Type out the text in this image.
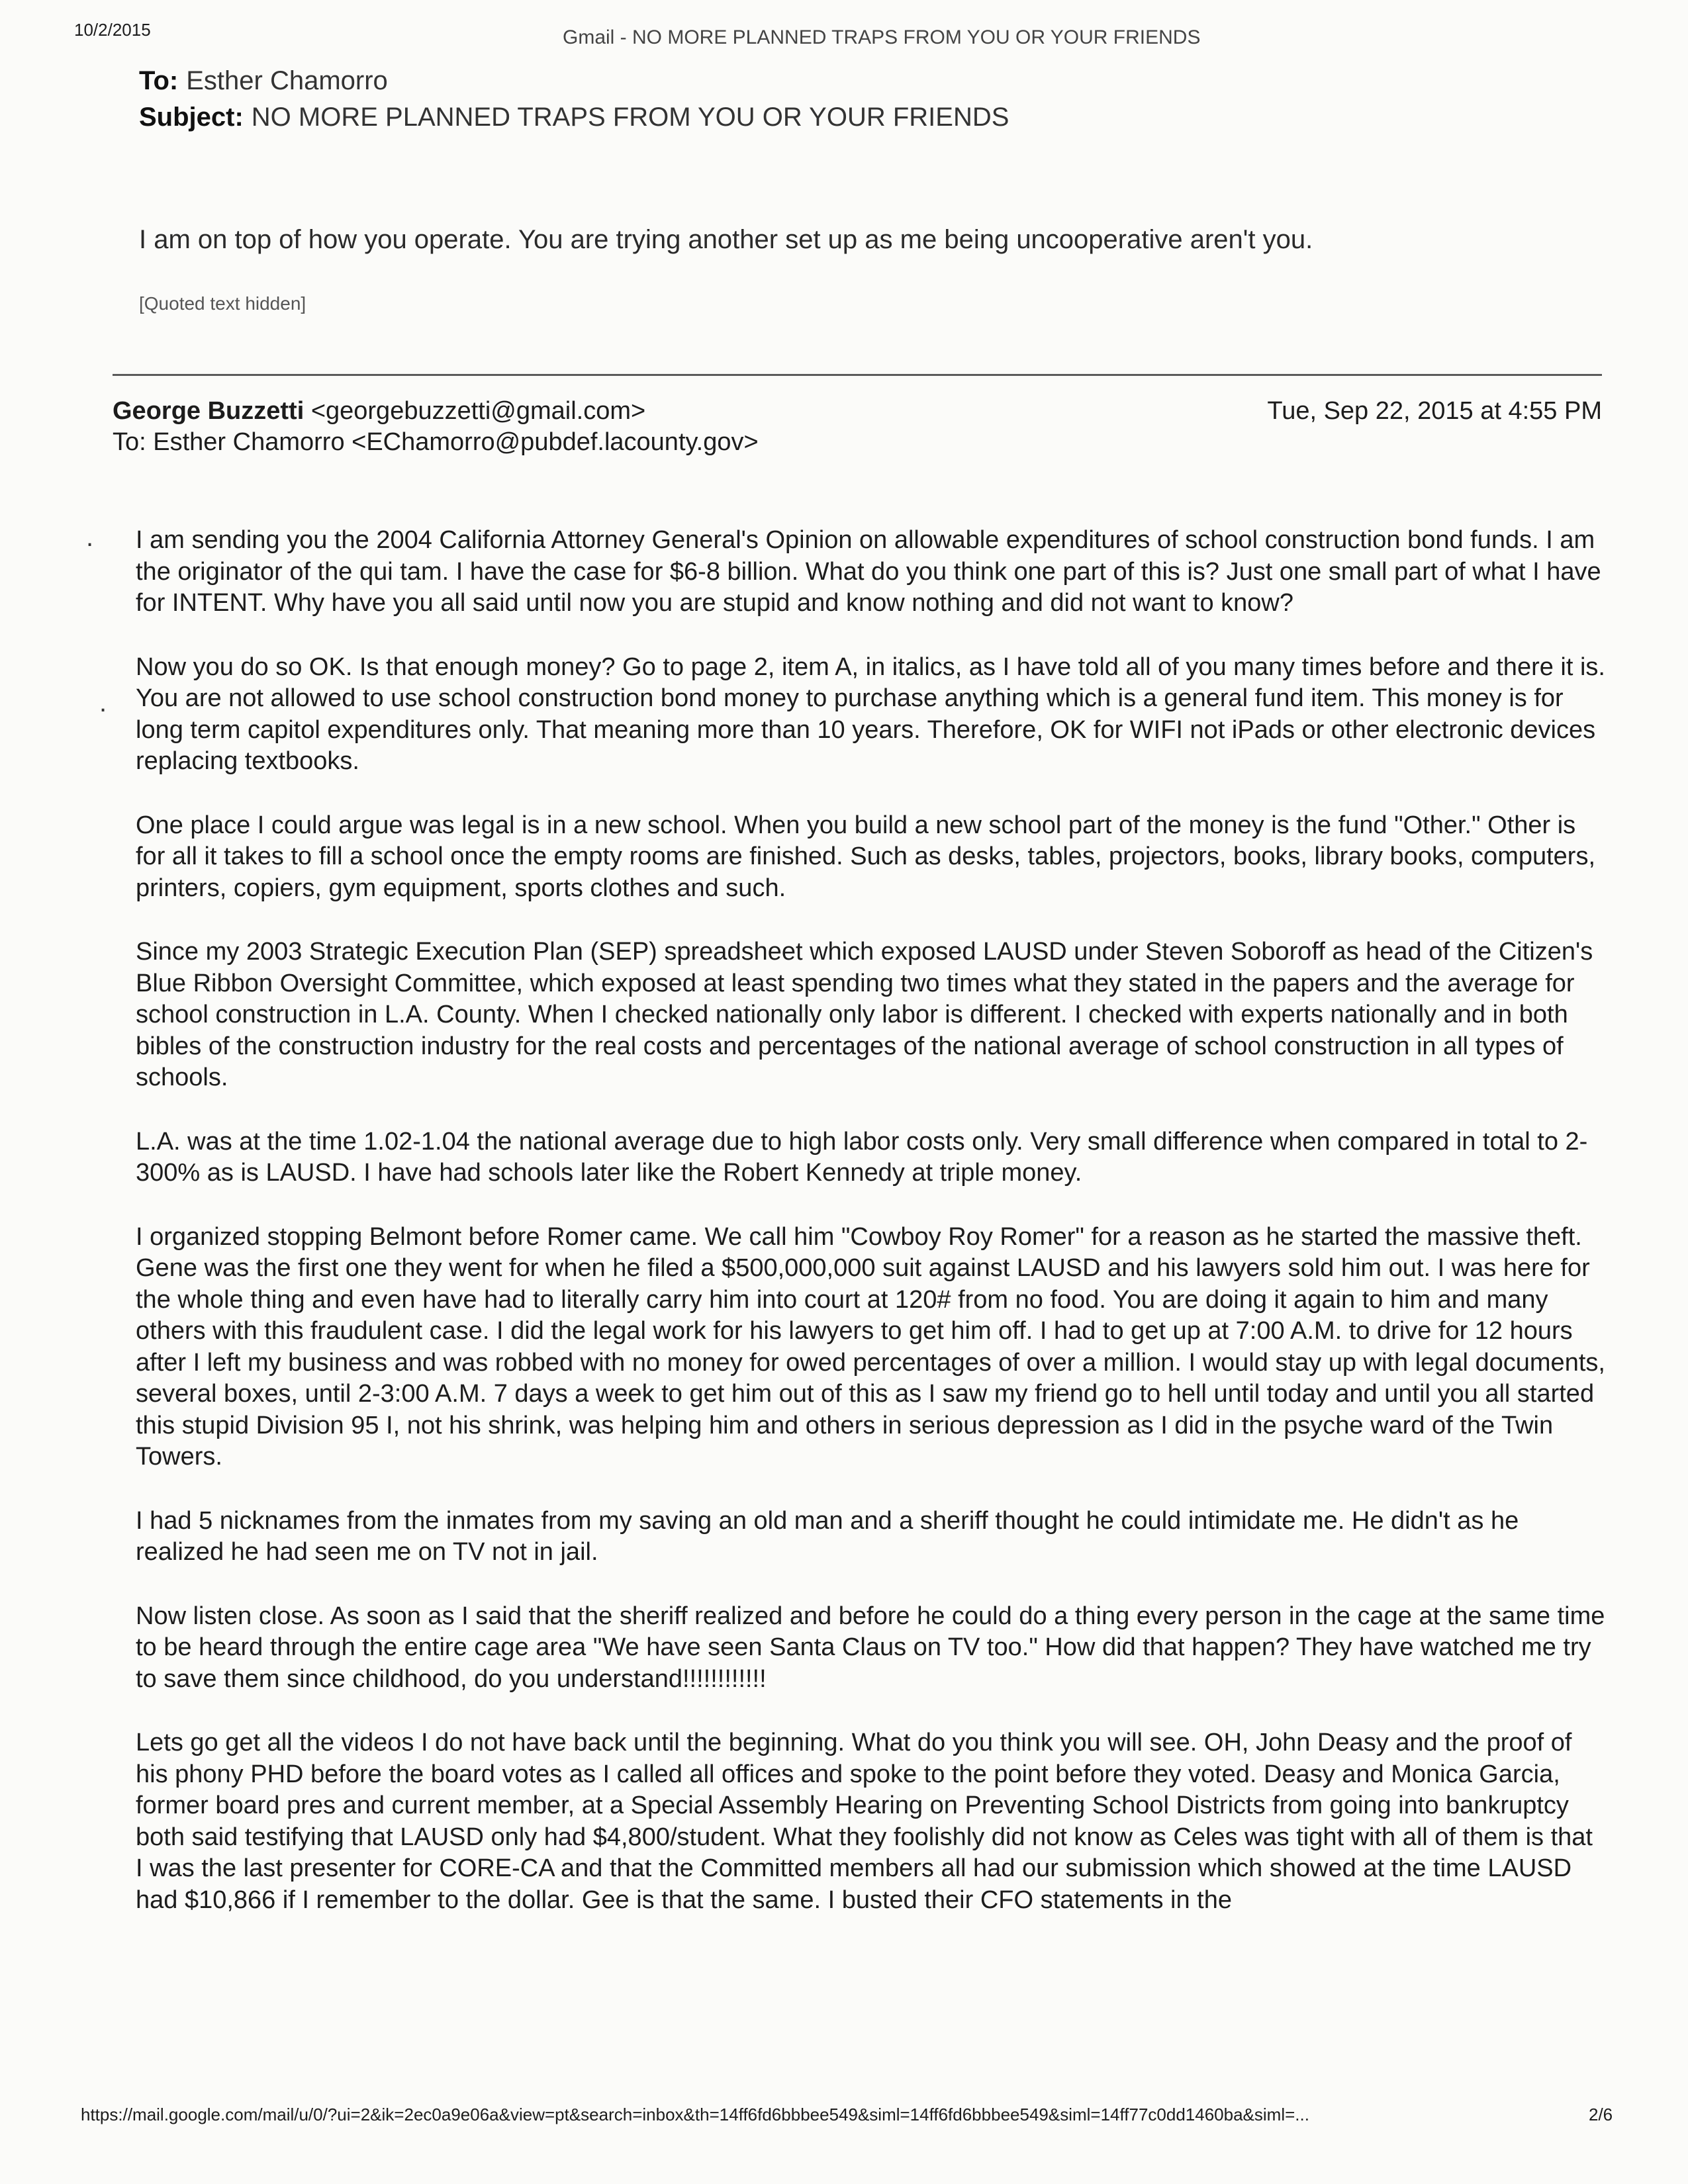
10/2/2015	Gmail - NO MORE PLANNED TRAPS FROM YOU OR YOUR FRIENDS
To: Esther Chamorro
Subject: NO MORE PLANNED TRAPS FROM YOU OR YOUR FRIENDS
I am on top of how you operate. You are trying another set up as me being uncooperative aren't you.
[Quoted text hidden]
George Buzzetti <georgebuzzetti@gmail.com>	Tue, Sep 22, 2015 at 4:55 PM
To: Esther Chamorro <EChamorro@pubdef.lacounty.gov>
.
.

I am sending you the 2004 California Attorney General's Opinion on allowable expenditures of school construction bond funds. I am the originator of the qui tam. I have the case for $6-8 billion. What do you think one part of this is? Just one small part of what I have for INTENT. Why have you all said until now you are stupid and know nothing and did not want to know?

Now you do so OK. Is that enough money? Go to page 2, item A, in italics, as I have told all of you many times before and there it is. You are not allowed to use school construction bond money to purchase anything which is a general fund item. This money is for long term capitol expenditures only. That meaning more than 10 years. Therefore, OK for WIFI not iPads or other electronic devices replacing textbooks.

One place I could argue was legal is in a new school. When you build a new school part of the money is the fund "Other." Other is for all it takes to fill a school once the empty rooms are finished. Such as desks, tables, projectors, books, library books, computers, printers, copiers, gym equipment, sports clothes and such.

Since my 2003 Strategic Execution Plan (SEP) spreadsheet which exposed LAUSD under Steven Soboroff as head of the Citizen's Blue Ribbon Oversight Committee, which exposed at least spending two times what they stated in the papers and the average for school construction in L.A. County. When I checked nationally only labor is different. I checked with experts nationally and in both bibles of the construction industry for the real costs and percentages of the national average of school construction in all types of schools.

L.A. was at the time 1.02-1.04 the national average due to high labor costs only. Very small difference when compared in total to 2-300% as is LAUSD. I have had schools later like the Robert Kennedy at triple money.

I organized stopping Belmont before Romer came. We call him "Cowboy Roy Romer" for a reason as he started the massive theft. Gene was the first one they went for when he filed a $500,000,000 suit against LAUSD and his lawyers sold him out. I was here for the whole thing and even have had to literally carry him into court at 120# from no food. You are doing it again to him and many others with this fraudulent case. I did the legal work for his lawyers to get him off. I had to get up at 7:00 A.M. to drive for 12 hours after I left my business and was robbed with no money for owed percentages of over a million. I would stay up with legal documents, several boxes, until 2-3:00 A.M. 7 days a week to get him out of this as I saw my friend go to hell until today and until you all started this stupid Division 95 I, not his shrink, was helping him and others in serious depression as I did in the psyche ward of the Twin Towers.

I had 5 nicknames from the inmates from my saving an old man and a sheriff thought he could intimidate me. He didn't as he realized he had seen me on TV not in jail.

Now listen close. As soon as I said that the sheriff realized and before he could do a thing every person in the cage at the same time to be heard through the entire cage area "We have seen Santa Claus on TV too." How did that happen? They have watched me try to save them since childhood, do you understand!!!!!!!!!!!!

Lets go get all the videos I do not have back until the beginning. What do you think you will see. OH, John Deasy and the proof of his phony PHD before the board votes as I called all offices and spoke to the point before they voted. Deasy and Monica Garcia, former board pres and current member, at a Special Assembly Hearing on Preventing School Districts from going into bankruptcy both said testifying that LAUSD only had $4,800/student. What they foolishly did not know as Celes was tight with all of them is that I was the last presenter for CORE-CA and that the Committed members all had our submission which showed at the time LAUSD had $10,866 if I remember to the dollar. Gee is that the same. I busted their CFO statements in the

https://mail.google.com/mail/u/0/?ui=2&ik=2ec0a9e06a&view=pt&search=inbox&th=14ff6fd6bbbee549&siml=14ff6fd6bbbee549&siml=14ff77c0dd1460ba&siml=...	2/6
